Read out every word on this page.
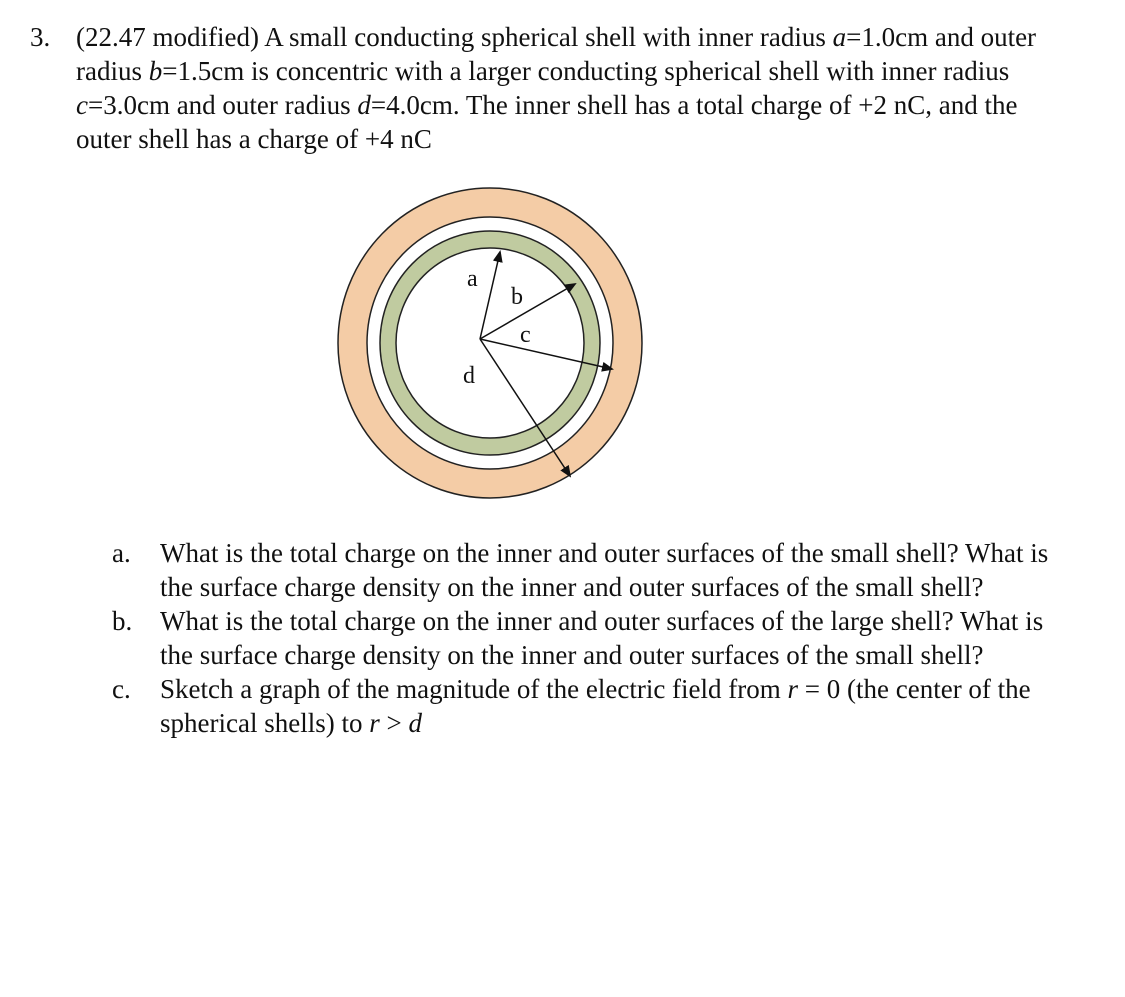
3. (22.47 modified) A small conducting spherical shell with inner radius a=1.0cm and outer radius b=1.5cm is concentric with a larger conducting spherical shell with inner radius c=3.0cm and outer radius d=4.0cm. The inner shell has a total charge of +2 nC, and the outer shell has a charge of +4 nC
a
b
c
d
a.	What is the total charge on the inner and outer surfaces of the small shell? What is the surface charge density on the inner and outer surfaces of the small shell?
b.	What is the total charge on the inner and outer surfaces of the large shell? What is the surface charge density on the inner and outer surfaces of the small shell?
c.	Sketch a graph of the magnitude of the electric field from r = 0 (the center of the spherical shells) to r > d
